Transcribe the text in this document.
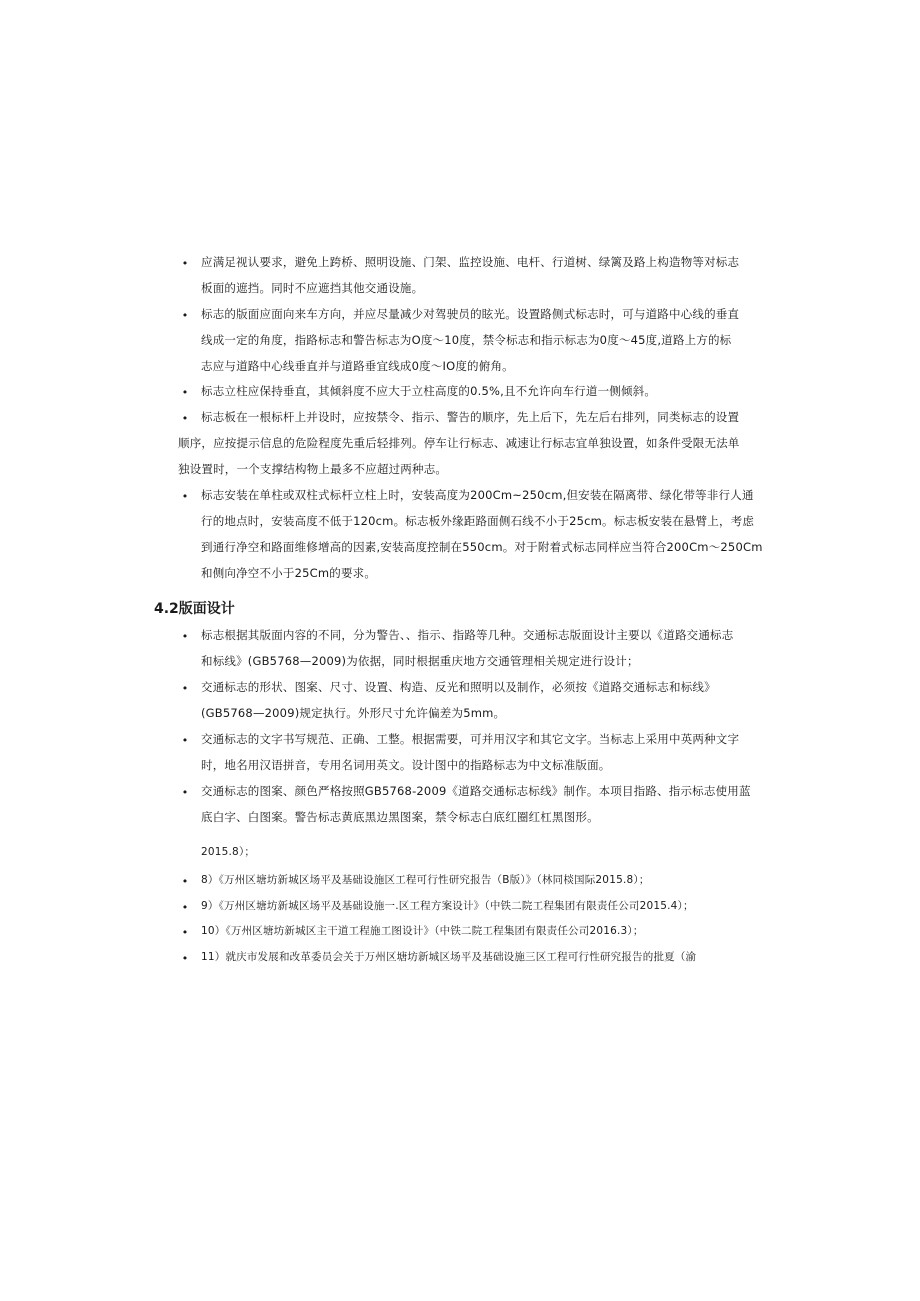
• 应满足视认要求，避免上跨桥、照明设施、门架、监控设施、电杆、行道树、绿篱及路上构造物等对标志
板面的遮挡。同时不应遮挡其他交通设施。
• 标志的版面应面向来车方向，并应尽量减少对驾驶员的眩光。设置路侧式标志时，可与道路中心线的垂直
线成一定的角度，指路标志和警告标志为O度～10度，禁令标志和指示标志为0度～45度,道路上方的标
志应与道路中心线垂直并与道路垂宜线成0度～IO度的俯角。
• 标志立柱应保持垂直，其倾斜度不应大于立柱高度的0.5%,且不允许向车行道一侧倾斜。
• 标志板在一根标杆上并设时，应按禁令、指示、警告的顺序，先上后下，先左后右排列，同类标志的设置
顺序，应按提示信息的危险程度先重后轻排列。停车让行标志、减速让行标志宜单独设置，如条件受限无法单
独设置时，一个支撑结构物上最多不应超过两种志。
• 标志安装在单柱或双柱式标杆立柱上时，安装高度为200Cm~250cm,但安装在隔离带、绿化带等非行人通
行的地点时，安装高度不低于120cm。标志板外缘距路面侧石线不小于25cm。标志板安装在悬臂上，考虑
到通行净空和路面维修增高的因素,安装高度控制在550cm。对于附着式标志同样应当符合200Cm～250Cm
和侧向净空不小于25Cm的要求。
4.2版面设计
• 标志根据其版面内容的不同，分为警告、、指示、指路等几种。交通标志版面设计主要以《道路交通标志
和标线》(GB5768—2009)为依据，同时根据重庆地方交通管理相关规定进行设计；
• 交通标志的形状、图案、尺寸、设置、构造、反光和照明以及制作，必须按《道路交通标志和标线》
(GB5768—2009)规定执行。外形尺寸允许偏差为5mm。
• 交通标志的文字书写规范、正确、工整。根据需要，可并用汉字和其它文字。当标志上采用中英两种文字
时，地名用汉语拼音，专用名词用英文。设计图中的指路标志为中文标准版面。
• 交通标志的图案、颜色严格按照GB5768-2009《道路交通标志标线》制作。本项目指路、指示标志使用蓝
底白字、白图案。警告标志黄底黑边黑图案，禁令标志白底红圈红杠黑图形。
2015.8）；
• 8）《万州区塘坊新城区场平及基础设施区工程可行性研究报告（B版）》（林同棪国际2015.8）；
• 9）《万州区塘坊新城区场平及基础设施一.区工程方案设计》（中铁二院工程集团有限责任公司2015.4）；
• 10）《万州区塘坊新城区主干道工程施工图设计》（中铁二院工程集团有限责任公司2016.3）；
• 11）就庆市发展和改革委员会关于万州区塘坊新城区场平及基础设施三区工程可行性研究报告的批夏（渝
